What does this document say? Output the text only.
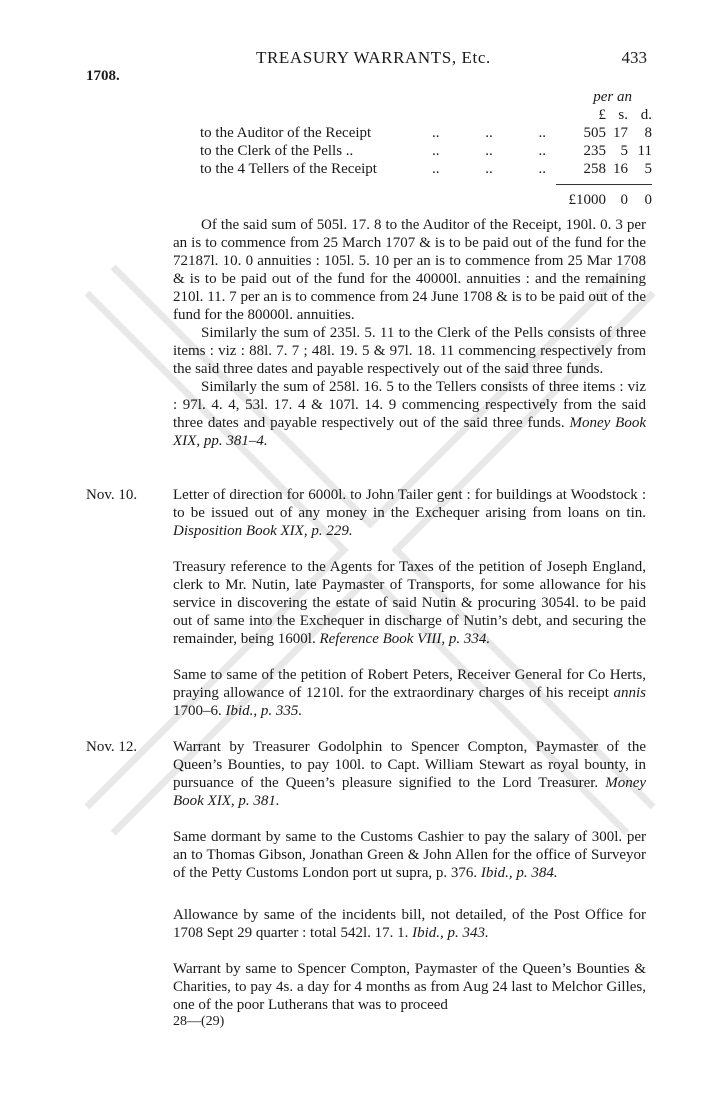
TREASURY WARRANTS, Etc.	433
1708.
per an
£ s. d.
to the Auditor of the Receipt	..	..	..	505 17	8
to the Clerk of the Pells ..	..	..	..	235 5 11
to the 4 Tellers of the Receipt	..	..	..	258 16	5
£1000 0	0

Of the said sum of 505l. 17. 8 to the Auditor of the Receipt, 190l. 0. 3 per an is to commence from 25 March 1707 & is to be paid out of the fund for the 72187l. 10. 0 annuities : 105l. 5. 10 per an is to commence from 25 Mar 1708 & is to be paid out of the fund for the 40000l. annuities : and the remaining 210l. 11. 7 per an is to commence from 24 June 1708 & is to be paid out of the fund for the 80000l. annuities.

Similarly the sum of 235l. 5. 11 to the Clerk of the Pells consists of three items : viz : 88l. 7. 7 ; 48l. 19. 5 & 97l. 18. 11 commencing respectively from the said three dates and payable respectively out of the said three funds.

Similarly the sum of 258l. 16. 5 to the Tellers consists of three items : viz : 97l. 4. 4, 53l. 17. 4 & 107l. 14. 9 commencing respectively from the said three dates and payable respectively out of the said three funds. Money Book XIX, pp. 381–4.

Nov. 10. Letter of direction for 6000l. to John Tailer gent : for buildings at Woodstock : to be issued out of any money in the Exchequer arising from loans on tin. Disposition Book XIX, p. 229.
Treasury reference to the Agents for Taxes of the petition of Joseph England, clerk to Mr. Nutin, late Paymaster of Transports, for some allowance for his service in discovering the estate of said Nutin & procuring 3054l. to be paid out of same into the Exchequer in discharge of Nutin’s debt, and securing the remainder, being 1600l. Reference Book VIII, p. 334.
Same to same of the petition of Robert Peters, Receiver General for Co Herts, praying allowance of 1210l. for the extraordinary charges of his receipt annis 1700–6. Ibid., p. 335.
Nov. 12. Warrant by Treasurer Godolphin to Spencer Compton, Paymaster of the Queen’s Bounties, to pay 100l. to Capt. William Stewart as royal bounty, in pursuance of the Queen’s pleasure signified to the Lord Treasurer. Money Book XIX, p. 381.
Same dormant by same to the Customs Cashier to pay the salary of 300l. per an to Thomas Gibson, Jonathan Green & John Allen for the office of Surveyor of the Petty Customs London port ut supra, p. 376. Ibid., p. 384.
Allowance by same of the incidents bill, not detailed, of the Post Office for 1708 Sept 29 quarter : total 542l. 17. 1. Ibid., p. 343.
Warrant by same to Spencer Compton, Paymaster of the Queen’s Bounties & Charities, to pay 4s. a day for 4 months as from Aug 24 last to Melchor Gilles, one of the poor Lutherans that was to proceed
28—(29)
